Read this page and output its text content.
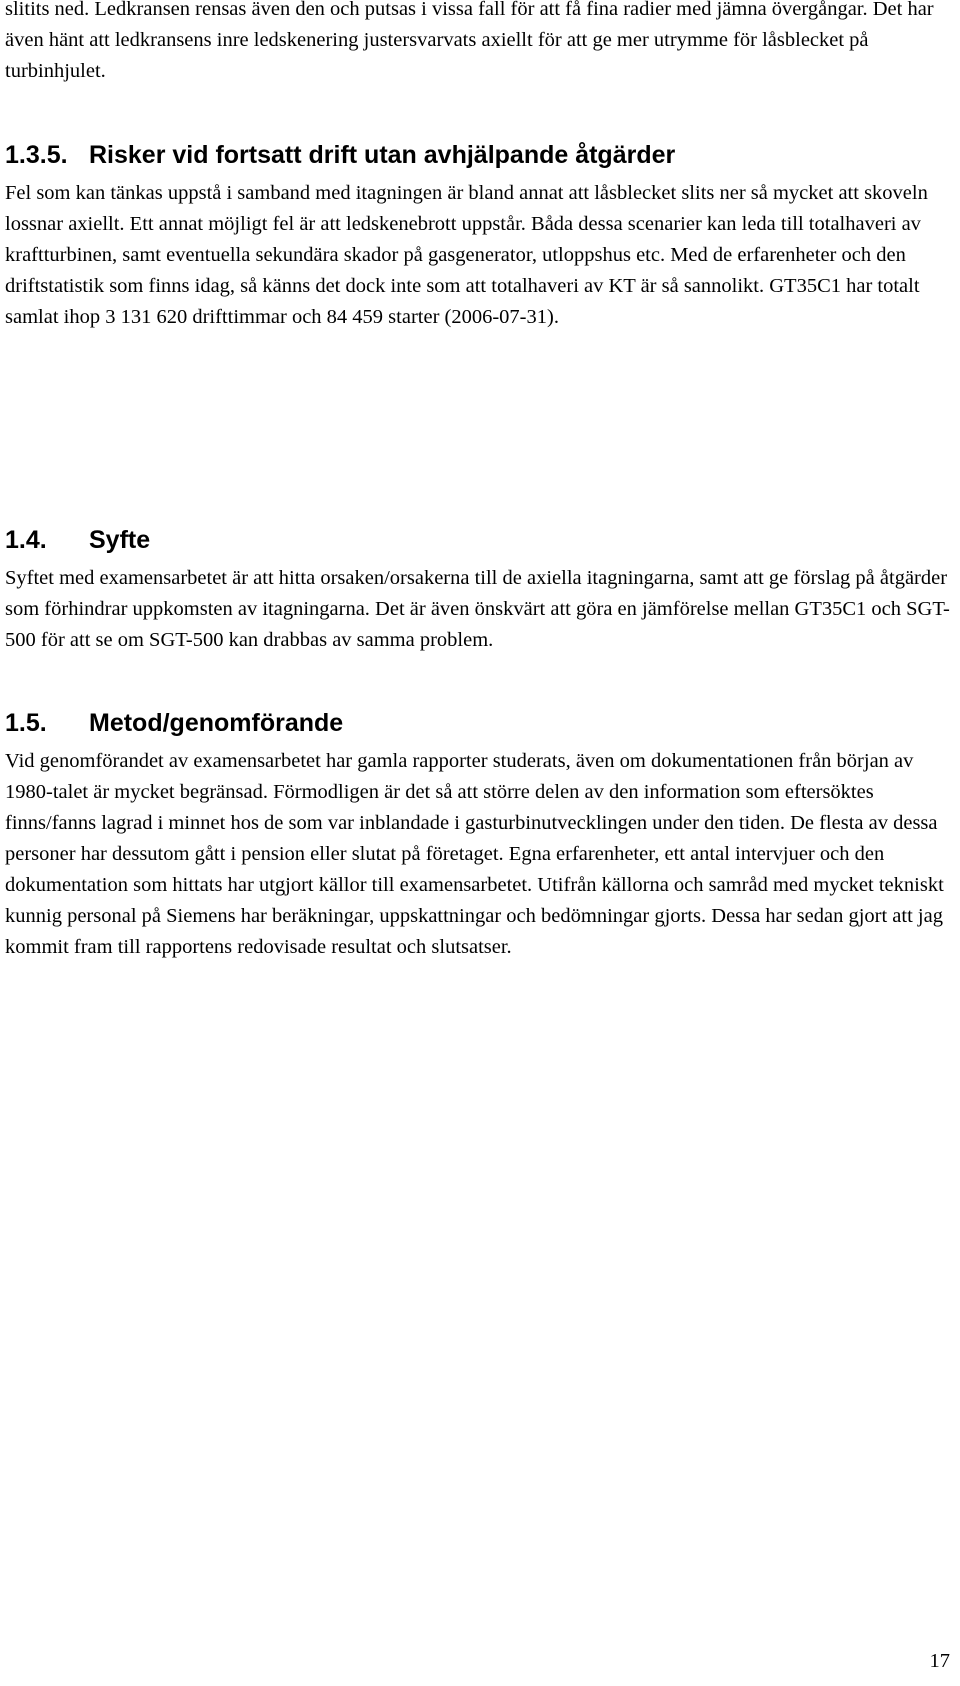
slitits ned. Ledkransen rensas även den och putsas i vissa fall för att få fina radier med jämna övergångar. Det har även hänt att ledkransens inre ledskenering justersvarvats axiellt för att ge mer utrymme för låsblecket på turbinhjulet.

1.3.5. Risker vid fortsatt drift utan avhjälpande åtgärder

Fel som kan tänkas uppstå i samband med itagningen är bland annat att låsblecket slits ner så mycket att skoveln lossnar axiellt. Ett annat möjligt fel är att ledskenebrott uppstår. Båda dessa scenarier kan leda till totalhaveri av kraftturbinen, samt eventuella sekundära skador på gasgenerator, utloppshus etc. Med de erfarenheter och den driftstatistik som finns idag, så känns det dock inte som att totalhaveri av KT är så sannolikt. GT35C1 har totalt samlat ihop 3 131 620 drifttimmar och 84 459 starter (2006-07-31).

1.4.	Syfte

Syftet med examensarbetet är att hitta orsaken/orsakerna till de axiella itagningarna, samt att ge förslag på åtgärder som förhindrar uppkomsten av itagningarna. Det är även önskvärt att göra en jämförelse mellan GT35C1 och SGT-500 för att se om SGT-500 kan drabbas av samma problem.

1.5.	Metod/genomförande

Vid genomförandet av examensarbetet har gamla rapporter studerats, även om dokumentationen från början av 1980-talet är mycket begränsad. Förmodligen är det så att större delen av den information som eftersöktes finns/fanns lagrad i minnet hos de som var inblandade i gasturbinutvecklingen under den tiden. De flesta av dessa personer har dessutom gått i pension eller slutat på företaget. Egna erfarenheter, ett antal intervjuer och den dokumentation som hittats har utgjort källor till examensarbetet. Utifrån källorna och samråd med mycket tekniskt kunnig personal på Siemens har beräkningar, uppskattningar och bedömningar gjorts. Dessa har sedan gjort att jag kommit fram till rapportens redovisade resultat och slutsatser.

17
